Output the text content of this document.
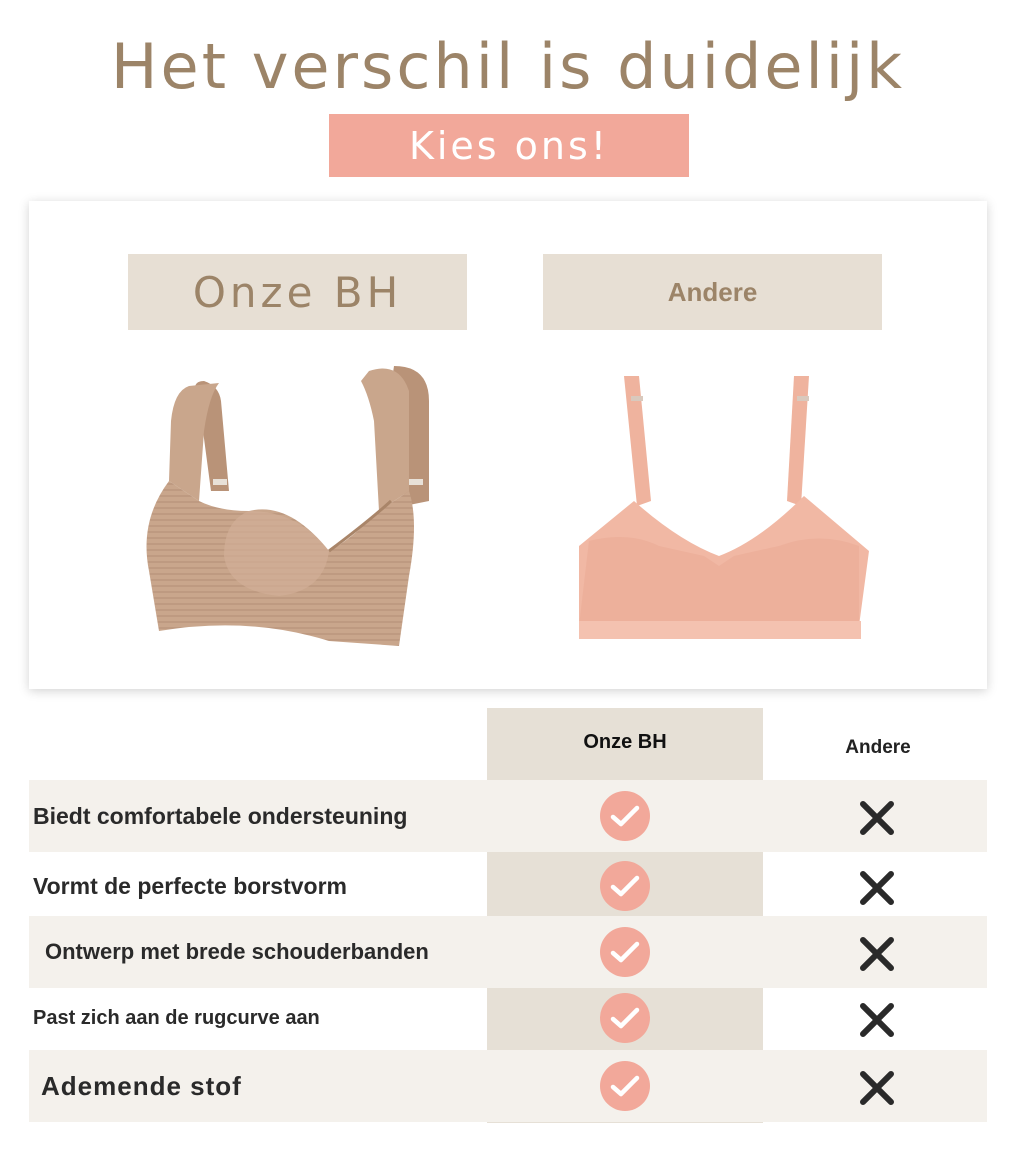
Het verschil is duidelijk
Kies ons!
Onze BH	Andere
Onze BH	Andere
Biedt comfortabele ondersteuning
Vormt de perfecte borstvorm
Ontwerp met brede schouderbanden
Past zich aan de rugcurve aan
Ademende stof
